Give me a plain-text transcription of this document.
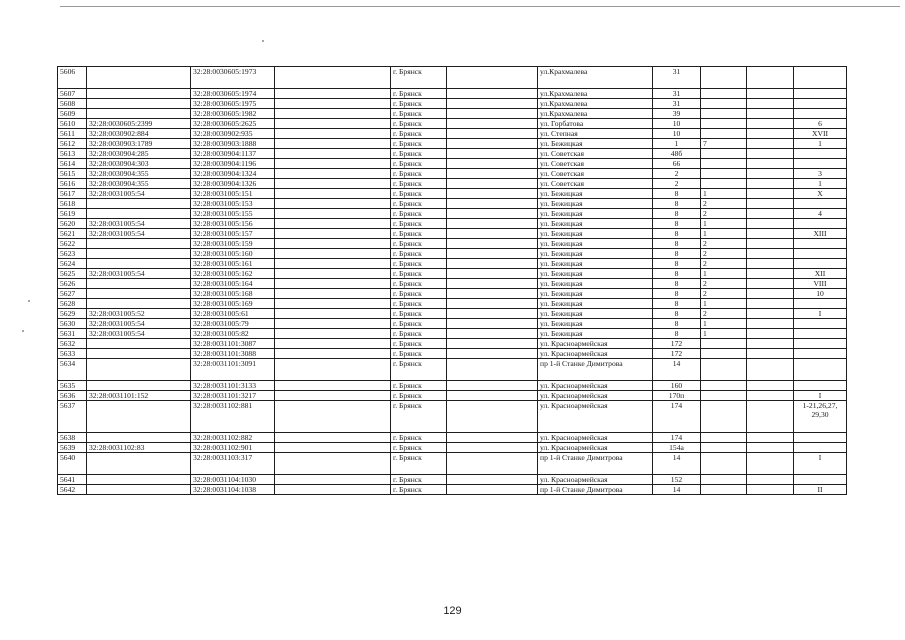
5606		32:28:0030605:1973		г. Брянск		ул.Крахмалева	31			
5607		32:28:0030605:1974		г. Брянск		ул.Крахмалева	31			
5608		32:28:0030605:1975		г. Брянск		ул.Крахмалева	31			
5609		32:28:0030605:1982		г. Брянск		ул.Крахмалева	39			
5610	32:28:0030605:2399	32:28:0030605:2625		г. Брянск		ул. Горбатова	10			6
5611	32:28:0030902:884	32:28:0030902:935		г. Брянск		ул. Степная	10			XVII
5612	32:28:0030903:1789	32:28:0030903:1888		г. Брянск		ул. Бежицкая	1	7		1
5613	32:28:0030904:285	32:28:0030904:1137		г. Брянск		ул. Советская	48б			
5614	32:28:0030904:303	32:28:0030904:1196		г. Брянск		ул. Советская	66			
5615	32:28:0030904:355	32:28:0030904:1324		г. Брянск		ул. Советская	2			3
5616	32:28:0030904:355	32:28:0030904:1326		г. Брянск		ул. Советская	2			1
5617	32:28:0031005:54	32:28:0031005:151		г. Брянск		ул. Бежицкая	8	1		X
5618		32:28:0031005:153		г. Брянск		ул. Бежицкая	8	2		
5619		32:28:0031005:155		г. Брянск		ул. Бежицкая	8	2		4
5620	32:28:0031005:54	32:28:0031005:156		г. Брянск		ул. Бежицкая	8	1		
5621	32:28:0031005:54	32:28:0031005:157		г. Брянск		ул. Бежицкая	8	1		XIII
5622		32:28:0031005:159		г. Брянск		ул. Бежицкая	8	2		
5623		32:28:0031005:160		г. Брянск		ул. Бежицкая	8	2		
5624		32:28:0031005:161		г. Брянск		ул. Бежицкая	8	2		
5625	32:28:0031005:54	32:28:0031005:162		г. Брянск		ул. Бежицкая	8	1		XII
5626		32:28:0031005:164		г. Брянск		ул. Бежицкая	8	2		VIII
5627		32:28:0031005:168		г. Брянск		ул. Бежицкая	8	2		10
5628		32:28:0031005:169		г. Брянск		ул. Бежицкая	8	1		
5629	32:28:0031005:52	32:28:0031005:61		г. Брянск		ул. Бежицкая	8	2		I
5630	32:28:0031005:54	32:28:0031005:79		г. Брянск		ул. Бежицкая	8	1		
5631	32:28:0031005:54	32:28:0031005:82		г. Брянск		ул. Бежицкая	8	1		
5632		32:28:0031101:3087		г. Брянск		ул. Красноармейская	172			
5633		32:28:0031101:3088		г. Брянск		ул. Красноармейская	172			
5634		32:28:0031101:3091		г. Брянск		пр 1-й Станке Димитрова	14			
5635		32:28:0031101:3133		г. Брянск		ул. Красноармейская	160			
5636	32:28:0031101:152	32:28:0031101:3217		г. Брянск		ул. Красноармейская	170п			I
5637		32:28:0031102:881		г. Брянск		ул. Красноармейская	174			1-21,26,27, 29,30
5638		32:28:0031102:882		г. Брянск		ул. Красноармейская	174			
5639	32:28:0031102:83	32:28:0031102:901		г. Брянск		ул. Красноармейская	154а			
5640		32:28:0031103:317		г. Брянск		пр 1-й Станке Димитрова	14			I
5641		32:28:0031104:1030		г. Брянск		ул. Красноармейская	152			
5642		32:28:0031104:1038		г. Брянск		пр 1-й Станке Димитрова	14			II
129
